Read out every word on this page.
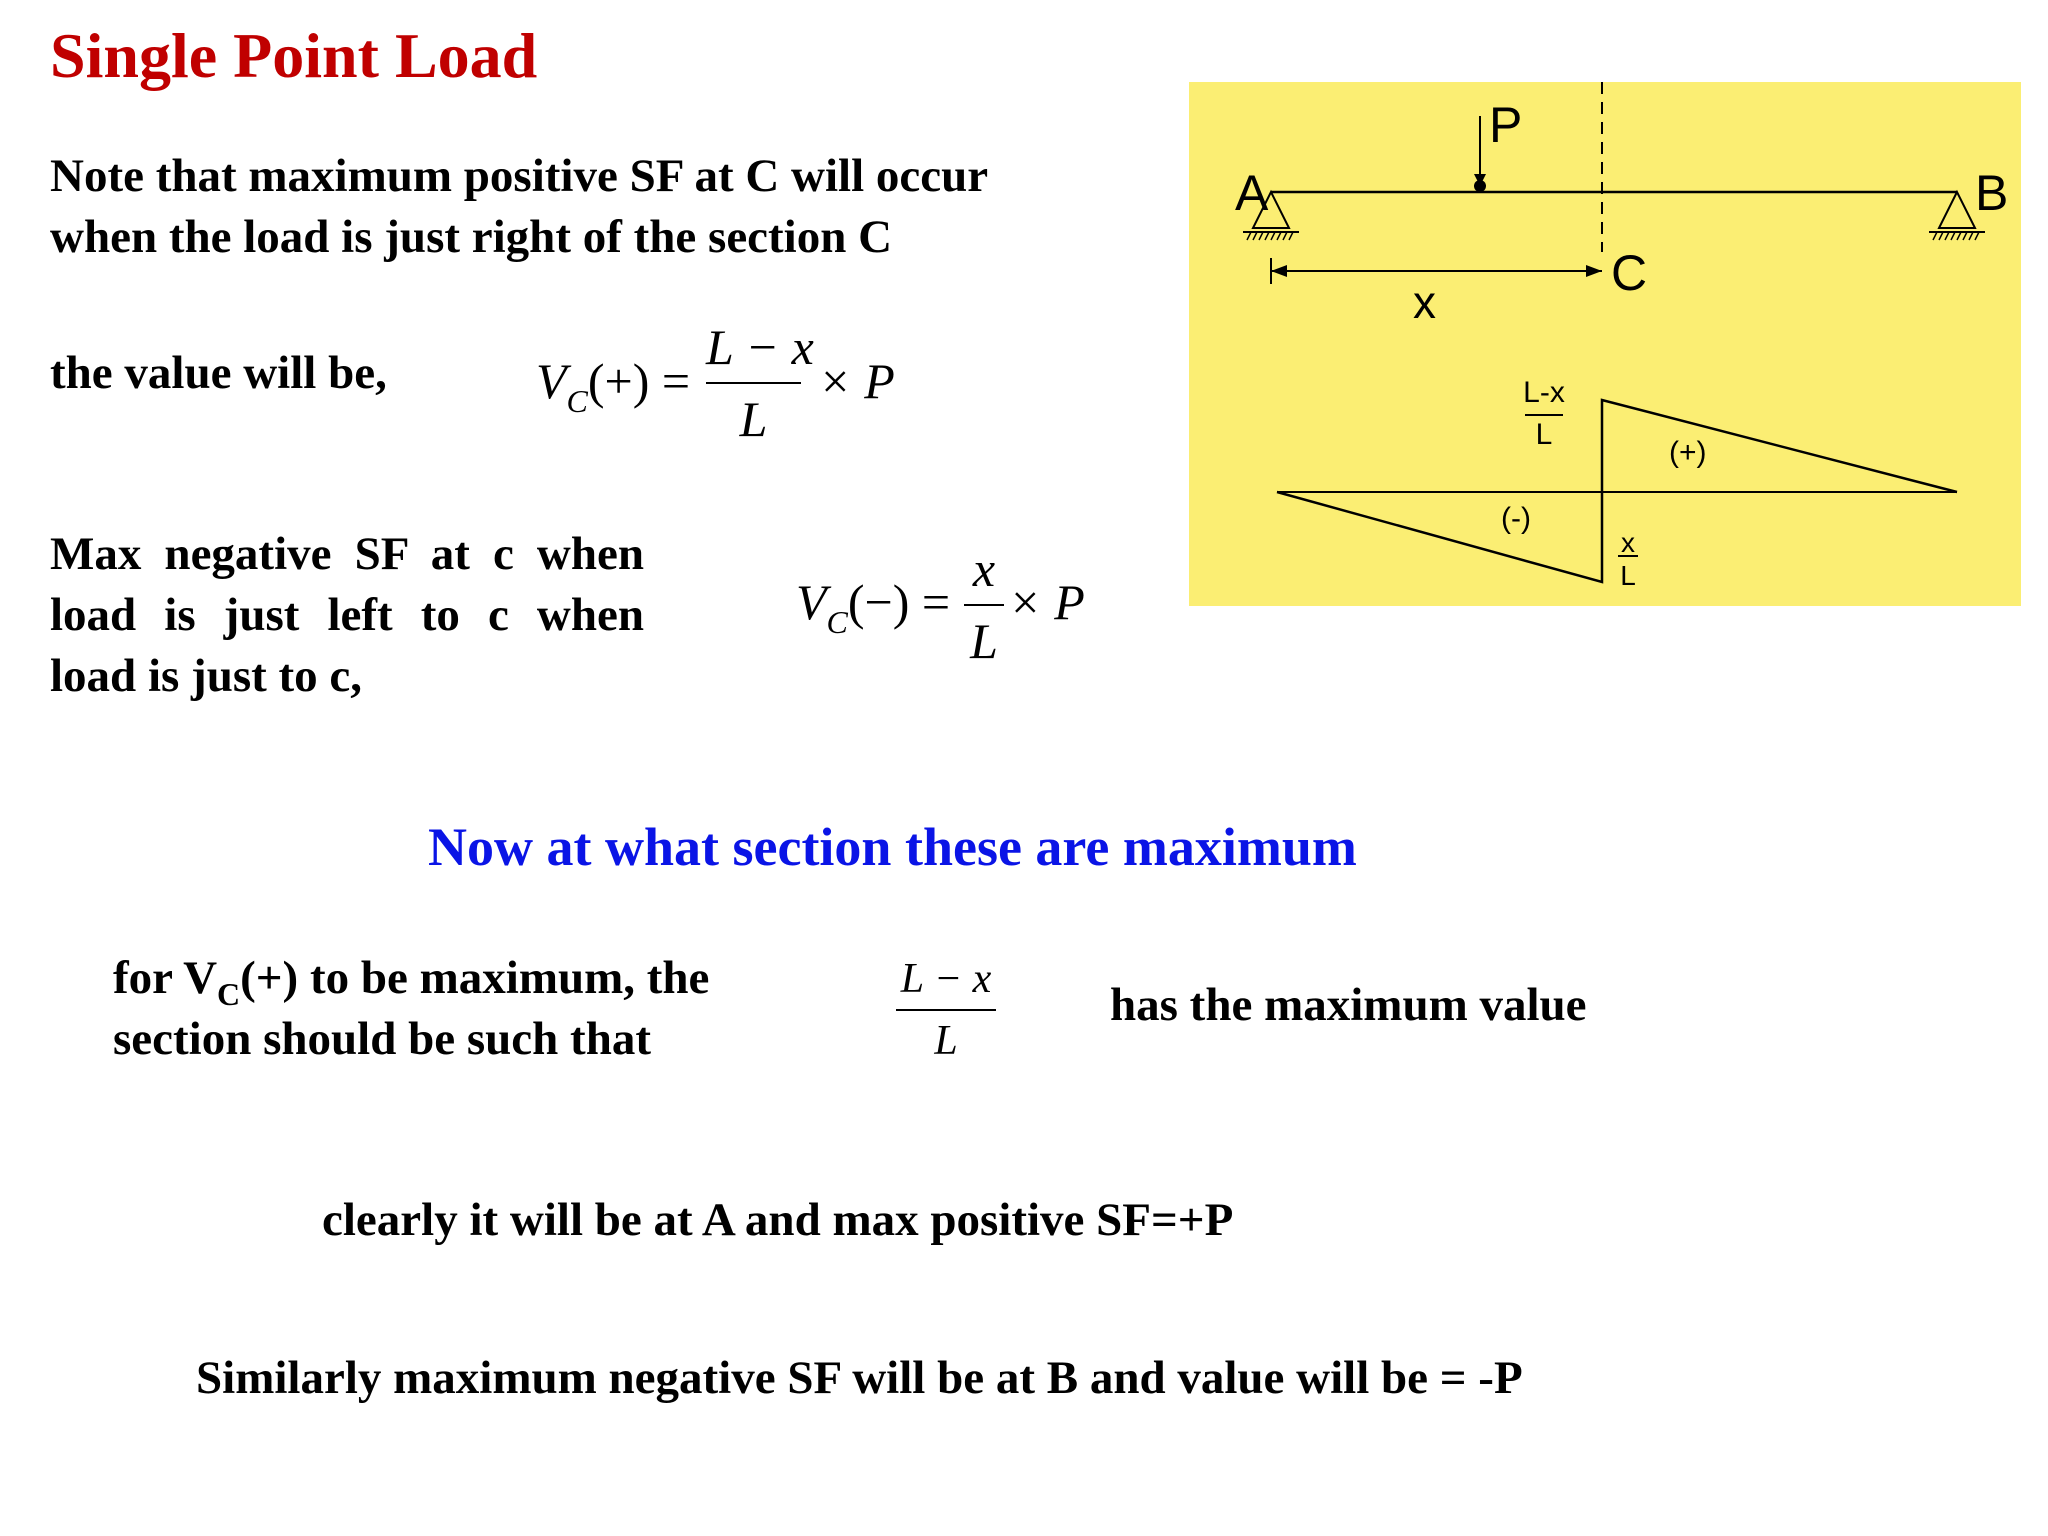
Single Point Load
Note that maximum positive SF at C will occur
when the load is just right of the section C
the value will be,	$V_C(+)$ =
L − x
L
× P
Max negative SF at c when
load is just left to c when
load is just to c,
$V_C(-)$ =
x
L
× P
A	B
P
C
x
L-x
L
x
L
(+)
(-)
Now at what section these are maximum
for $V_C(+)$ to be maximum, the
section should be such that
L − x
L
has the maximum value
clearly it will be at A and max positive SF=+P
Similarly maximum negative SF will be at B and value will be = -P
